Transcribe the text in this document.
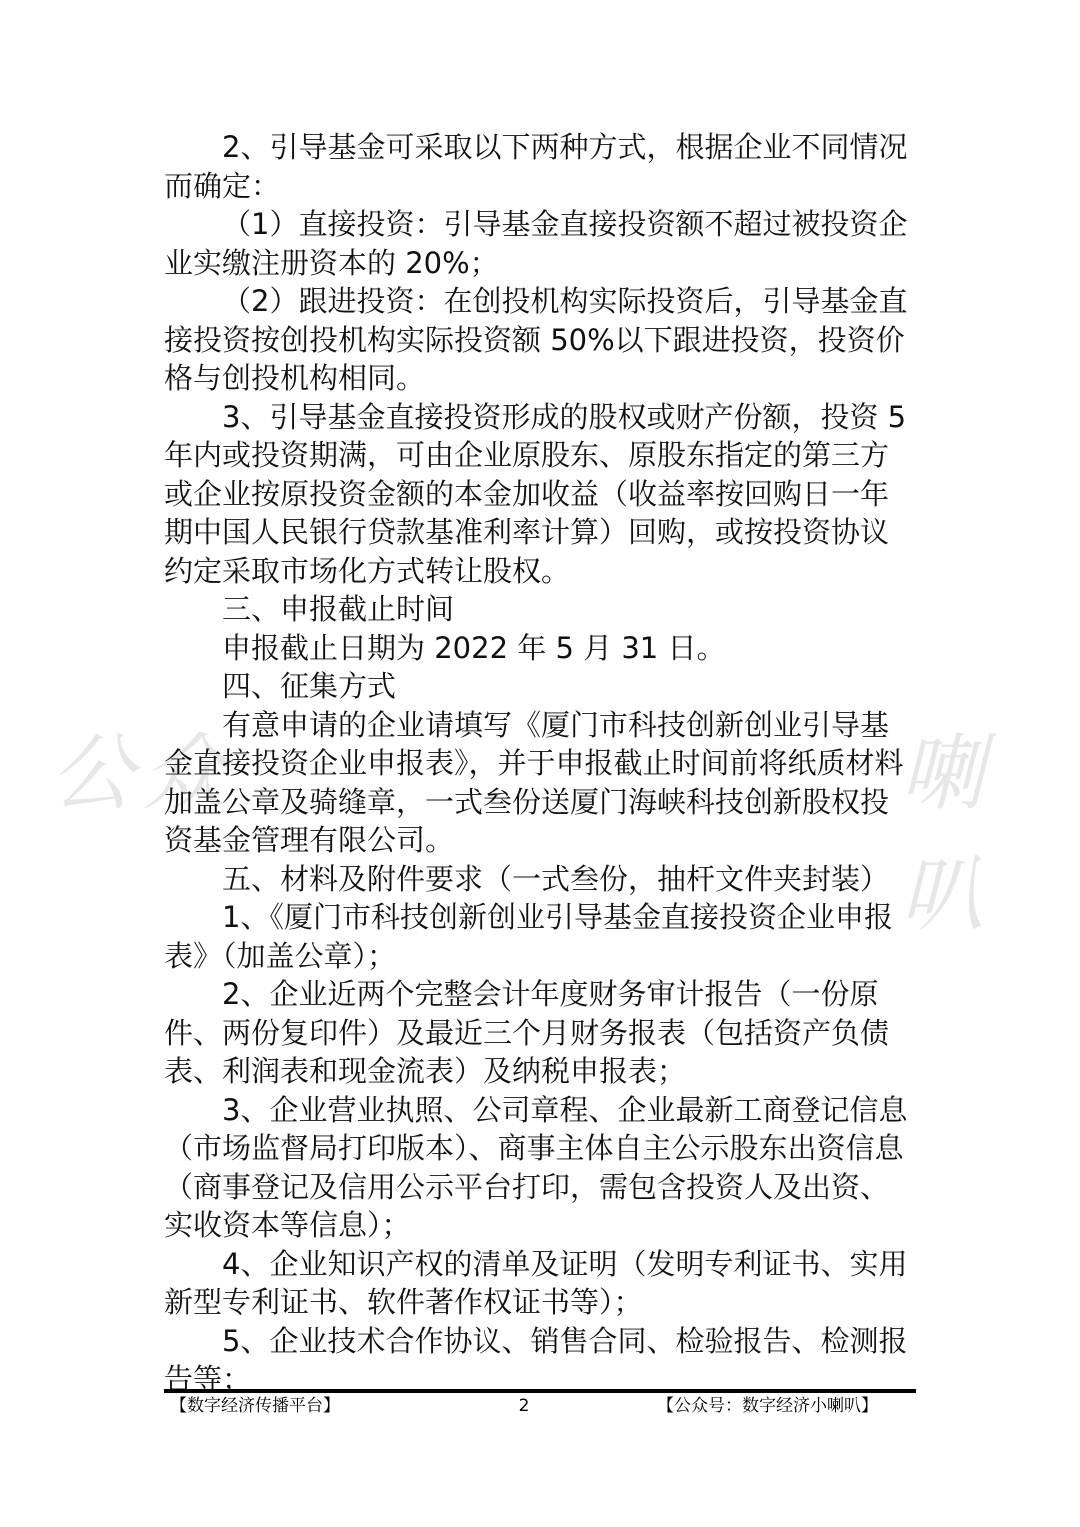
公众	喇叭

2、引导基金可采取以下两种方式，根据企业不同情况而确定：

（1）直接投资：引导基金直接投资额不超过被投资企业实缴注册资本的 20%；

（2）跟进投资：在创投机构实际投资后，引导基金直接投资按创投机构实际投资额 50%以下跟进投资，投资价格与创投机构相同。

3、引导基金直接投资形成的股权或财产份额，投资 5 年内或投资期满，可由企业原股东、原股东指定的第三方或企业按原投资金额的本金加收益（收益率按回购日一年期中国人民银行贷款基准利率计算）回购，或按投资协议约定采取市场化方式转让股权。

三、申报截止时间

申报截止日期为 2022 年 5 月 31 日。

四、征集方式

有意申请的企业请填写《厦门市科技创新创业引导基金直接投资企业申报表》，并于申报截止时间前将纸质材料加盖公章及骑缝章，一式叁份送厦门海峡科技创新股权投资基金管理有限公司。

五、材料及附件要求（一式叁份，抽杆文件夹封装）

1、《厦门市科技创新创业引导基金直接投资企业申报表》（加盖公章）；

2、企业近两个完整会计年度财务审计报告（一份原件、两份复印件）及最近三个月财务报表（包括资产负债表、利润表和现金流表）及纳税申报表；

3、企业营业执照、公司章程、企业最新工商登记信息（市场监督局打印版本）、商事主体自主公示股东出资信息（商事登记及信用公示平台打印，需包含投资人及出资、实收资本等信息）；

4、企业知识产权的清单及证明（发明专利证书、实用新型专利证书、软件著作权证书等）；

5、企业技术合作协议、销售合同、检验报告、检测报告等；

【数字经济传播平台】	2	【公众号：数字经济小喇叭】
